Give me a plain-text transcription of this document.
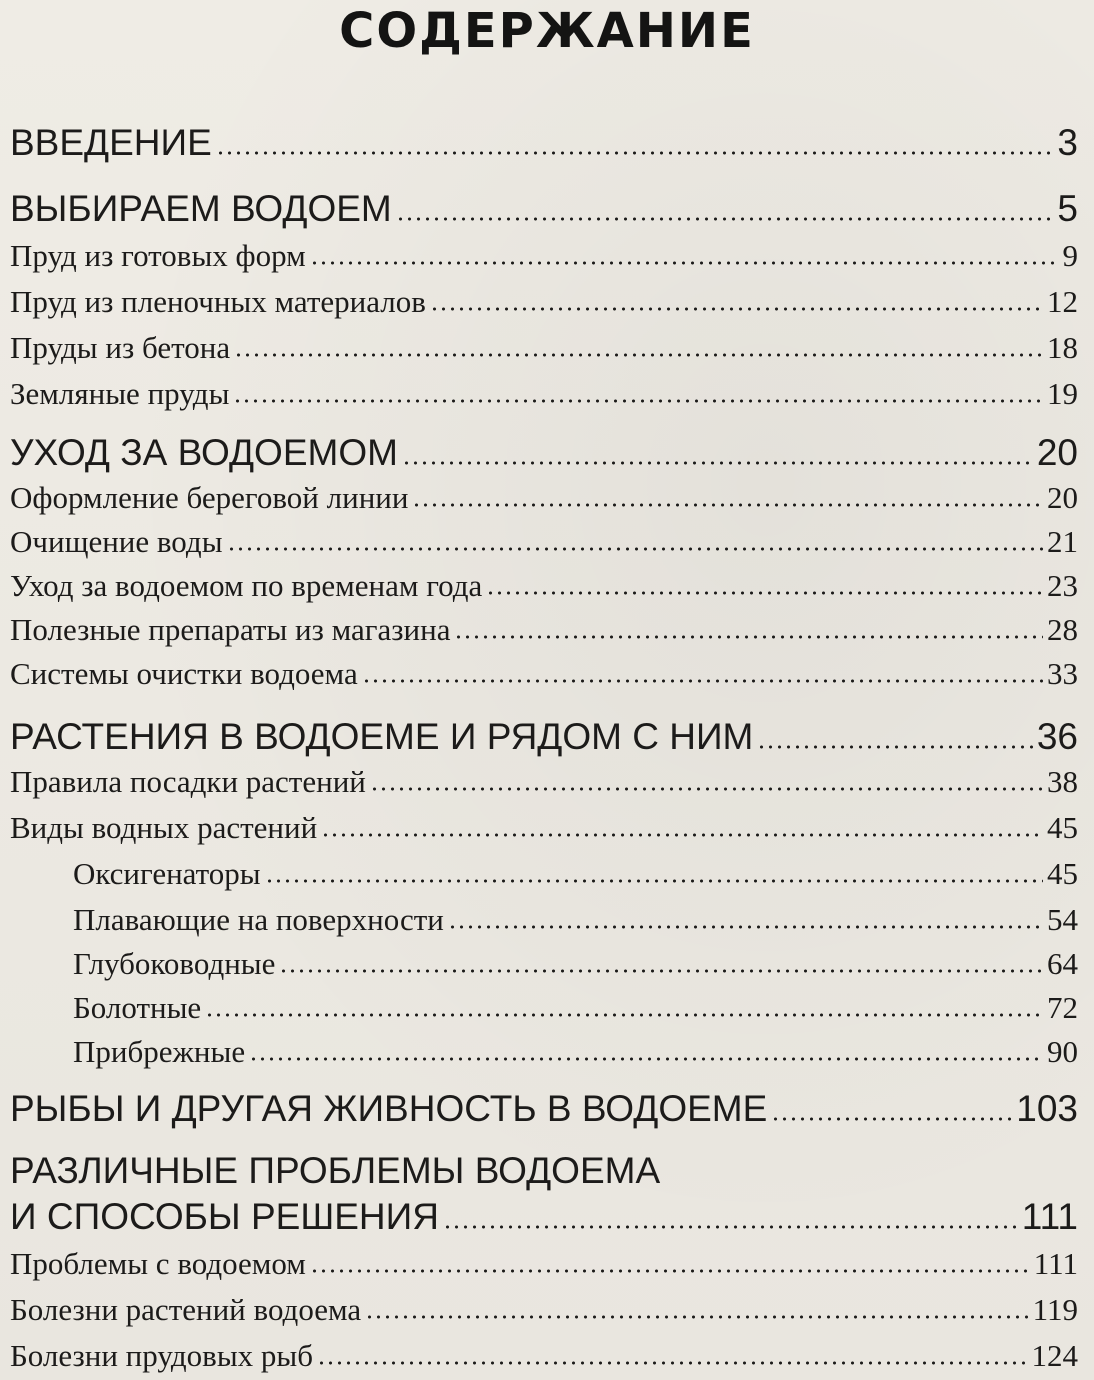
СОДЕРЖАНИЕ
ВВЕДЕНИЕ	3
ВЫБИРАЕМ ВОДОЕМ	5
Пруд из готовых форм	9
Пруд из пленочных материалов	12
Пруды из бетона	18
Земляные пруды	19
УХОД ЗА ВОДОЕМОМ	20
Оформление береговой линии	20
Очищение воды	21
Уход за водоемом по временам года	23
Полезные препараты из магазина	28
Системы очистки водоема	33
РАСТЕНИЯ В ВОДОЕМЕ И РЯДОМ С НИМ	36
Правила посадки растений	38
Виды водных растений	45
Оксигенаторы	45
Плавающие на поверхности	54
Глубоководные	64
Болотные	72
Прибрежные	90
РЫБЫ И ДРУГАЯ ЖИВНОСТЬ В ВОДОЕМЕ	103
РАЗЛИЧНЫЕ ПРОБЛЕМЫ ВОДОЕМА
И СПОСОБЫ РЕШЕНИЯ	111
Проблемы с водоемом	111
Болезни растений водоема	119
Болезни прудовых рыб	124
